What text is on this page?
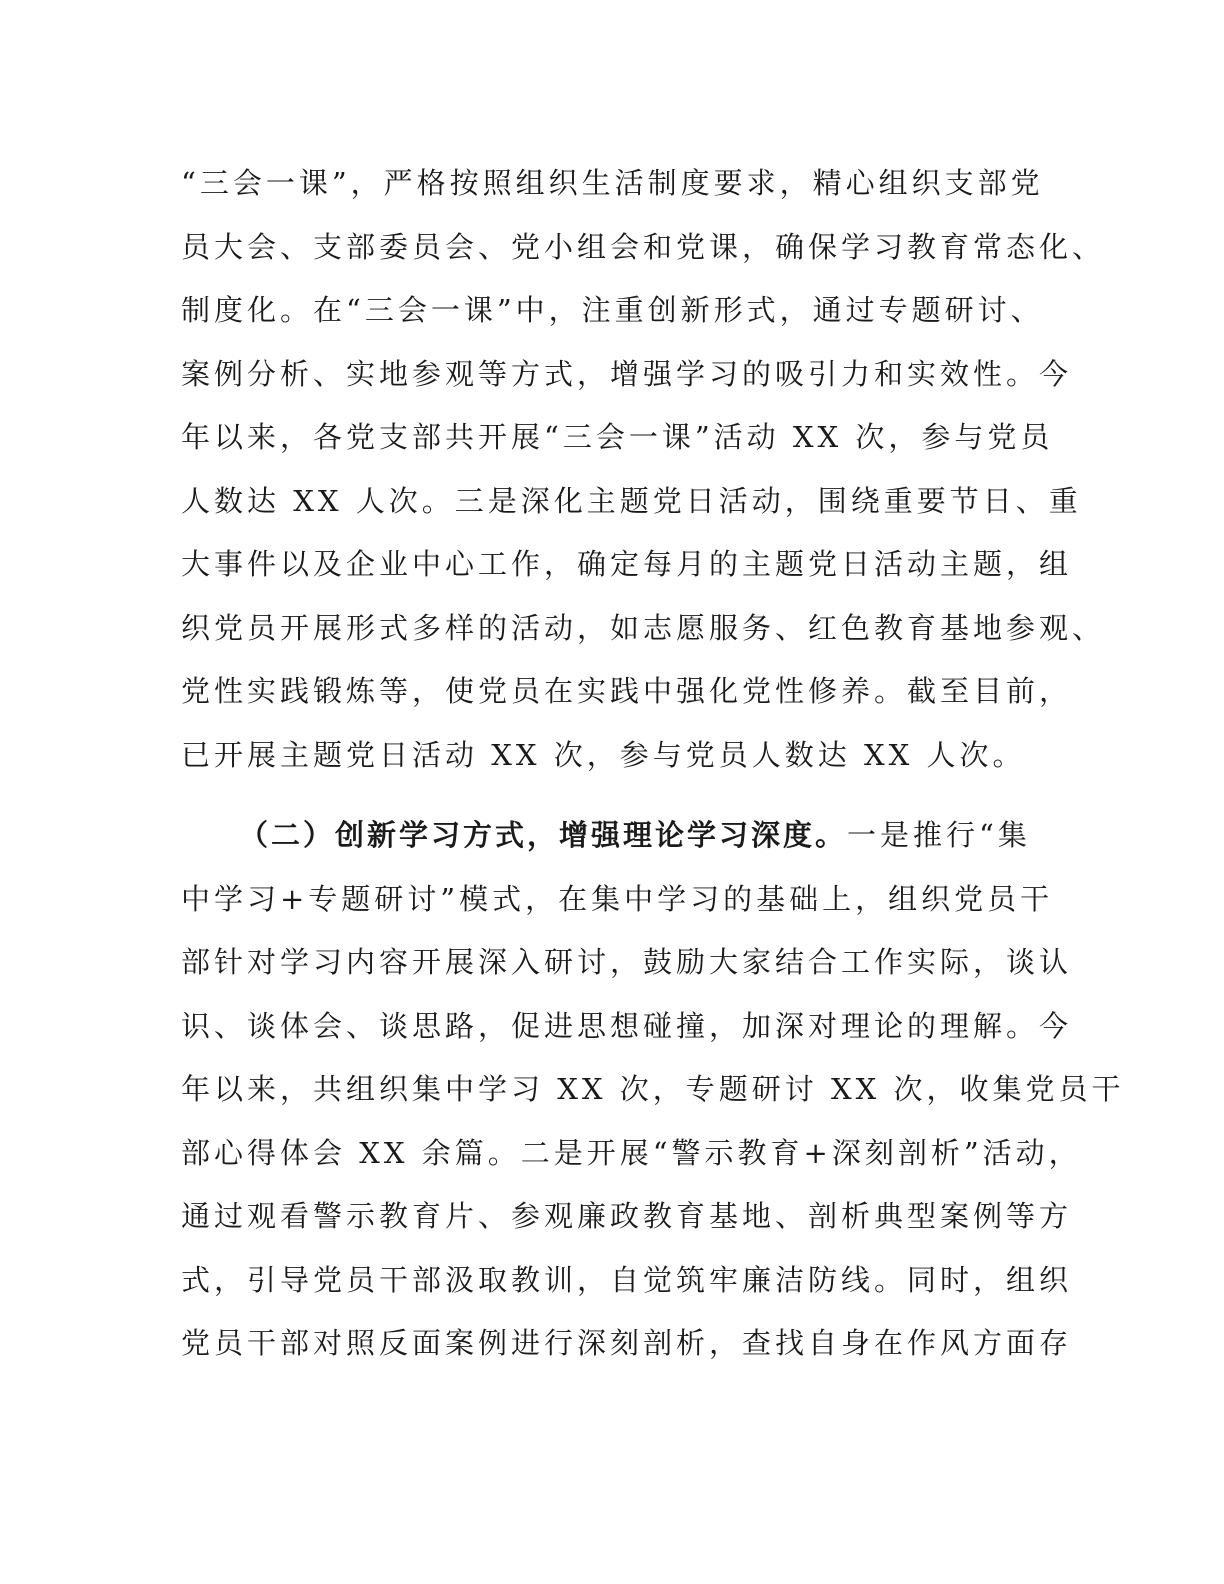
“三会一课”，严格按照组织生活制度要求，精心组织支部党
员大会、支部委员会、党小组会和党课，确保学习教育常态化、
制度化。在“三会一课”中，注重创新形式，通过专题研讨、
案例分析、实地参观等方式，增强学习的吸引力和实效性。今
年以来，各党支部共开展“三会一课”活动 XX 次，参与党员
人数达 XX 人次。三是深化主题党日活动，围绕重要节日、重
大事件以及企业中心工作，确定每月的主题党日活动主题，组
织党员开展形式多样的活动，如志愿服务、红色教育基地参观、
党性实践锻炼等，使党员在实践中强化党性修养。截至目前，
已开展主题党日活动 XX 次，参与党员人数达 XX 人次。
（二）创新学习方式，增强理论学习深度。一是推行“集
中学习+专题研讨”模式，在集中学习的基础上，组织党员干
部针对学习内容开展深入研讨，鼓励大家结合工作实际，谈认
识、谈体会、谈思路，促进思想碰撞，加深对理论的理解。今
年以来，共组织集中学习 XX 次，专题研讨 XX 次，收集党员干
部心得体会 XX 余篇。二是开展“警示教育+深刻剖析”活动，
通过观看警示教育片、参观廉政教育基地、剖析典型案例等方
式，引导党员干部汲取教训，自觉筑牢廉洁防线。同时，组织
党员干部对照反面案例进行深刻剖析，查找自身在作风方面存
